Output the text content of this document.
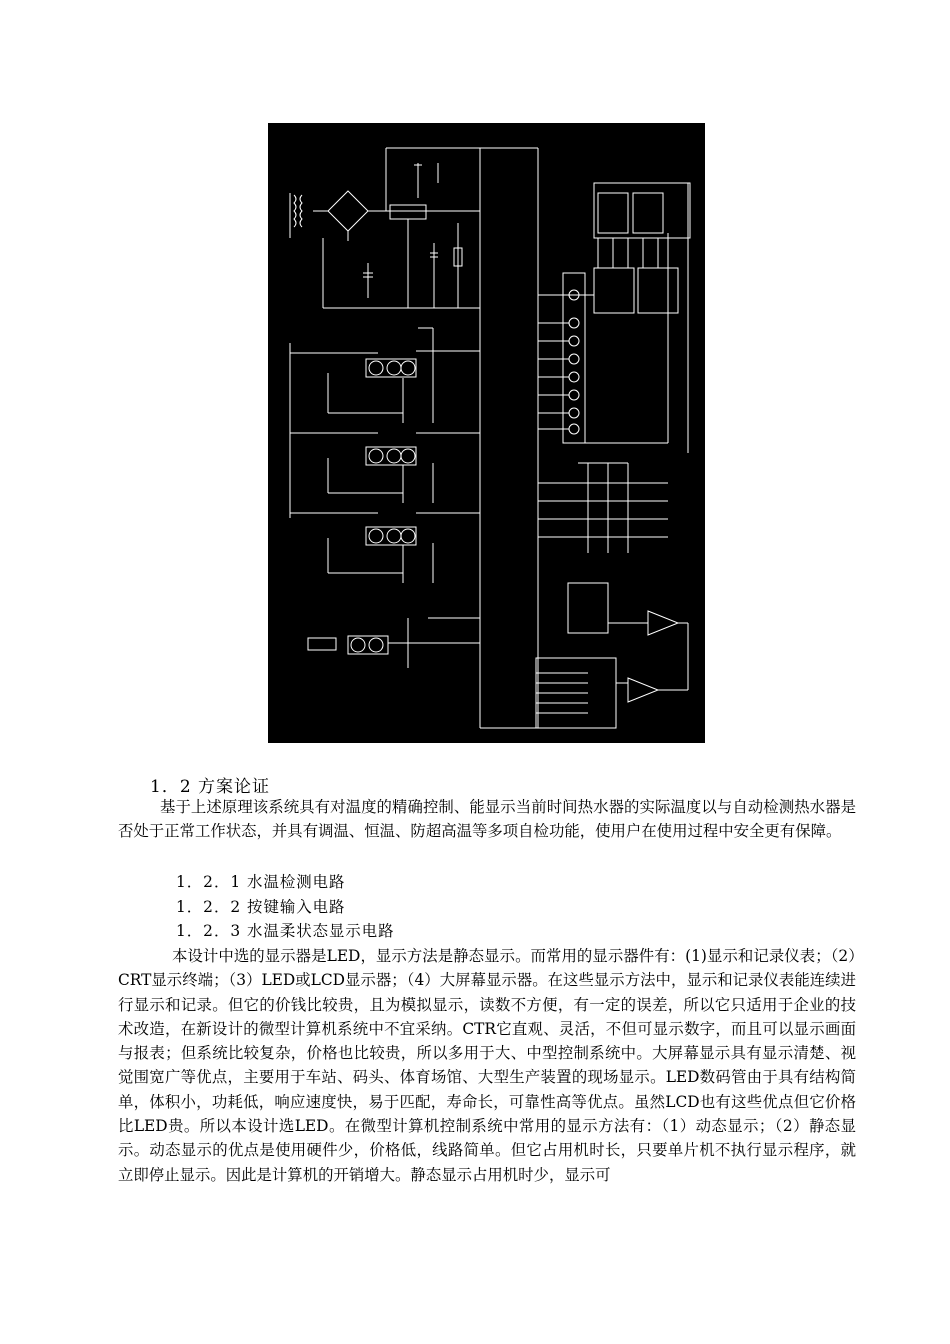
1．2 方案论证
基于上述原理该系统具有对温度的精确控制、能显示当前时间热水器的实际温度以与自动检测热水器是否处于正常工作状态，并具有调温、恒温、防超高温等多项自检功能，使用户在使用过程中安全更有保障。
1．2．1 水温检测电路
1．2．2 按键输入电路
1．2．3 水温柔状态显示电路
本设计中选的显示器是LED，显示方法是静态显示。而常用的显示器件有：(1)显示和记录仪表；（2）CRT显示终端；（3）LED或LCD显示器；（4）大屏幕显示器。在这些显示方法中，显示和记录仪表能连续进行显示和记录。但它的价钱比较贵，且为模拟显示，读数不方便，有一定的误差，所以它只适用于企业的技术改造，在新设计的微型计算机系统中不宜采纳。CTR它直观、灵活，不但可显示数字，而且可以显示画面与报表；但系统比较复杂，价格也比较贵，所以多用于大、中型控制系统中。大屏幕显示具有显示清楚、视觉围宽广等优点，主要用于车站、码头、体育场馆、大型生产装置的现场显示。LED数码管由于具有结构简单，体积小，功耗低，响应速度快，易于匹配，寿命长，可靠性高等优点。虽然LCD也有这些优点但它价格比LED贵。所以本设计选LED。在微型计算机控制系统中常用的显示方法有：（1）动态显示；（2）静态显示。动态显示的优点是使用硬件少，价格低，线路简单。但它占用机时长，只要单片机不执行显示程序，就立即停止显示。因此是计算机的开销增大。静态显示占用机时少，显示可
